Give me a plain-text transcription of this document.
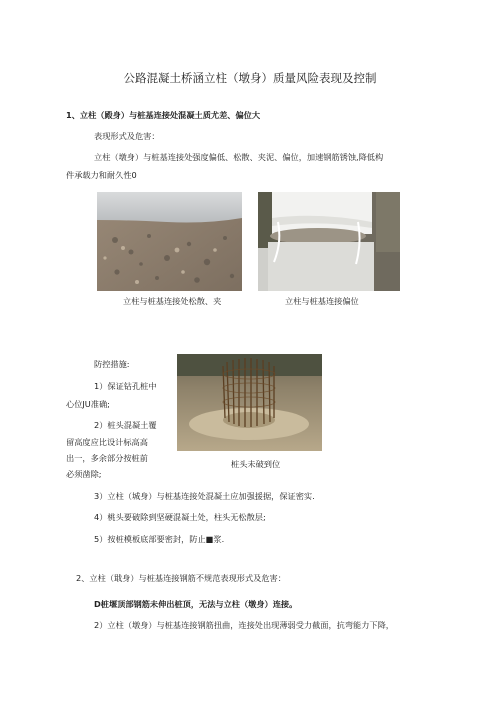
公路混凝土桥涵立柱（墩身）质量风险表现及控制
1、立柱（殿身）与桩基连接处混凝土质尤差、偏位大
表现形式及危害：
立柱（墩身）与桩基连接处强度偏低、松散、夹泥、偏位，加速钢筋锈蚀,降低构
件承载力和耐久性0
立柱与桩基连接处松散、夹	立柱与桩基连接偏位
防控措施:
1）保证钻孔桩中
心位JU准确;
2）桩头混凝土覆
留高度应比设计标高高
出一，多余部分按桩前
必须凿除;
桩头未破到位
3）立柱（城身）与桩基连接处混凝土应加强援据，保证密实.
4）桃头要破除到坚硬混凝土处，柱头无松散层;
5）按桩模板底部要密封，防止■浆.
2、立柱（戢身）与桩基连接钢筋不规范表现形式及危害：
D桩堰顶部钢筋未伸出桩顶，无法与立柱（墩身）连接。
2）立柱（墩身）与桩基连接钢筋扭曲，连接处出现薄弱受力截面，抗弯能力下降，
